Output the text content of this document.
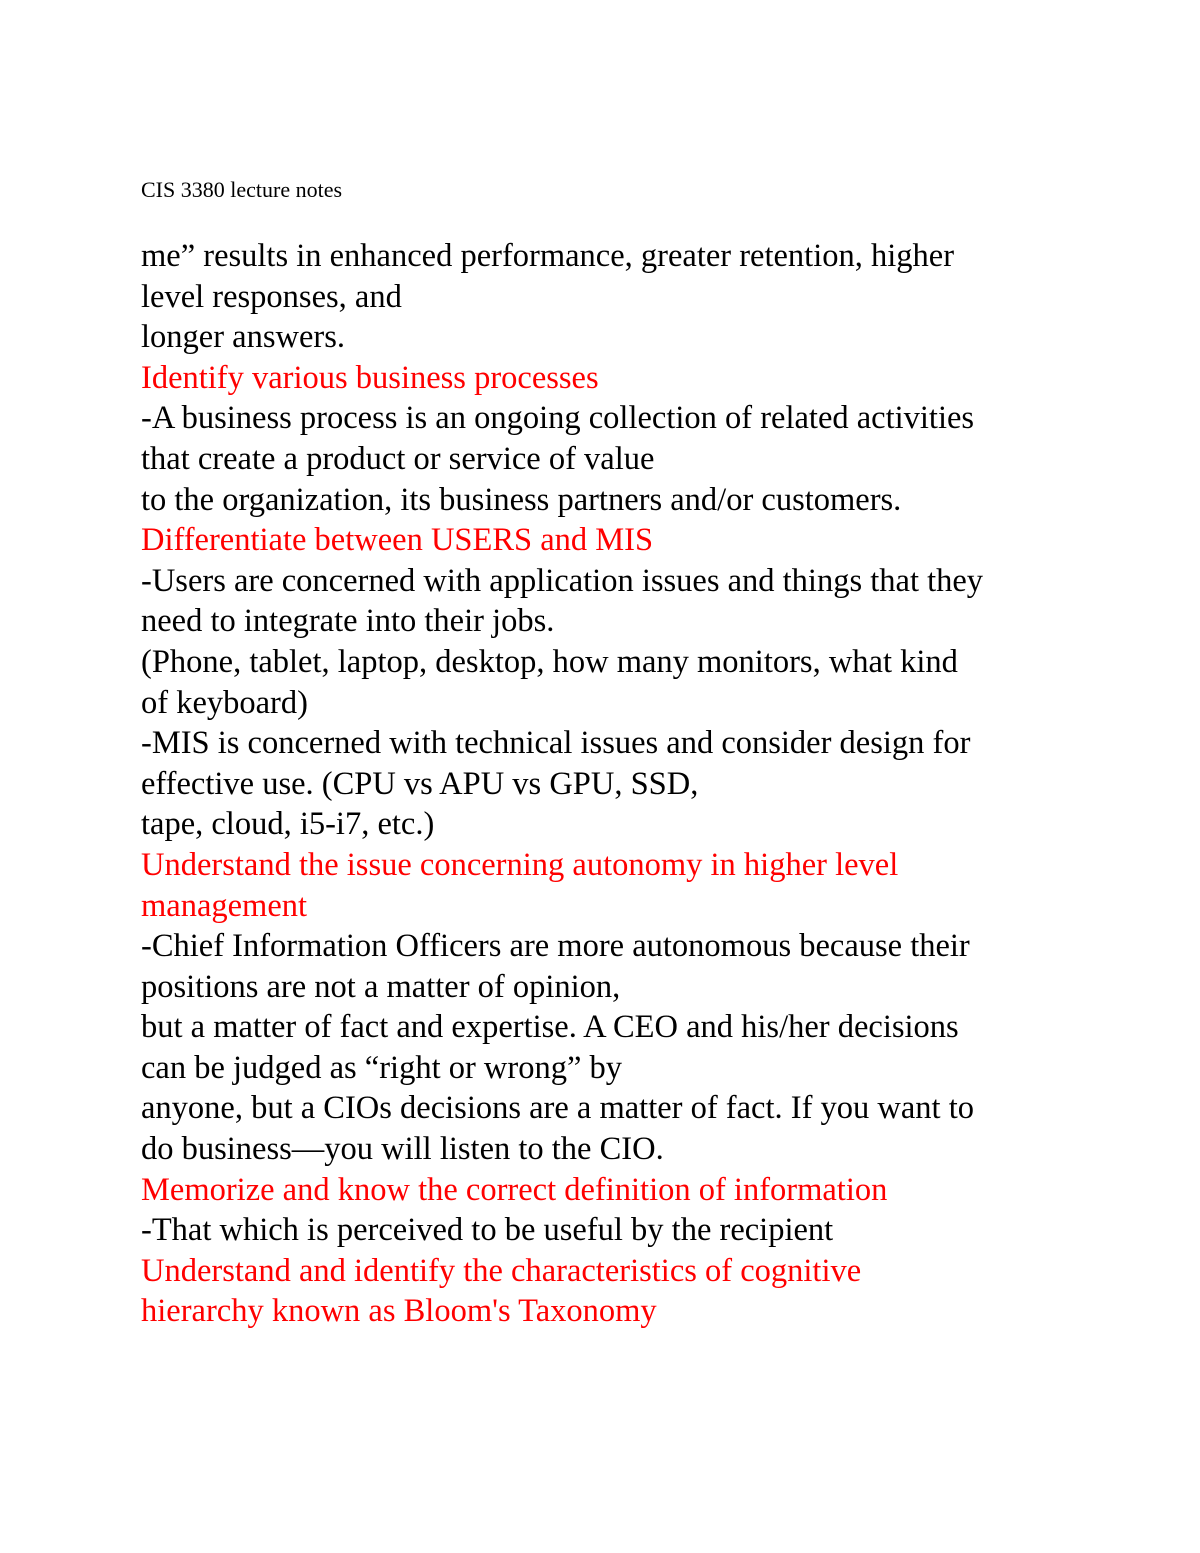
CIS 3380 lecture notes
me” results in enhanced performance, greater retention, higher
level responses, and
longer answers.
Identify various business processes
-A business process is an ongoing collection of related activities
that create a product or service of value
to the organization, its business partners and/or customers.
Differentiate between USERS and MIS
-Users are concerned with application issues and things that they
need to integrate into their jobs.
(Phone, tablet, laptop, desktop, how many monitors, what kind
of keyboard)
-MIS is concerned with technical issues and consider design for
effective use. (CPU vs APU vs GPU, SSD,
tape, cloud, i5-i7, etc.)
Understand the issue concerning autonomy in higher level
management
-Chief Information Officers are more autonomous because their
positions are not a matter of opinion,
but a matter of fact and expertise. A CEO and his/her decisions
can be judged as “right or wrong” by
anyone, but a CIOs decisions are a matter of fact. If you want to
do business—you will listen to the CIO.
Memorize and know the correct definition of information
-That which is perceived to be useful by the recipient
Understand and identify the characteristics of cognitive
hierarchy known as Bloom's Taxonomy
